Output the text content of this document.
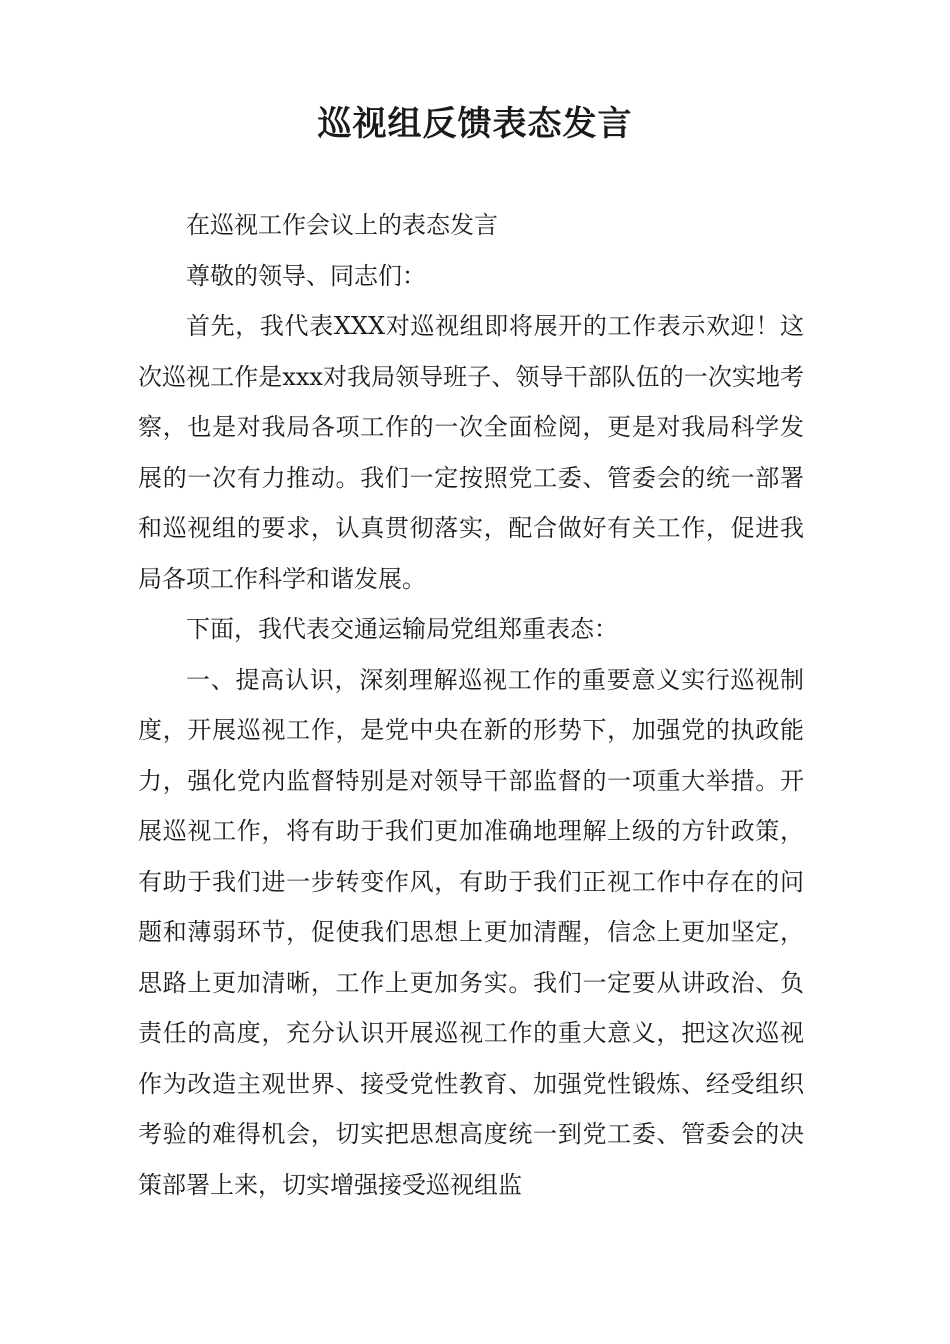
巡视组反馈表态发言

在巡视工作会议上的表态发言

尊敬的领导、同志们：

首先，我代表XXX对巡视组即将展开的工作表示欢迎！这次巡视工作是xxx对我局领导班子、领导干部队伍的一次实地考察，也是对我局各项工作的一次全面检阅，更是对我局科学发展的一次有力推动。我们一定按照党工委、管委会的统一部署和巡视组的要求，认真贯彻落实，配合做好有关工作，促进我局各项工作科学和谐发展。

下面，我代表交通运输局党组郑重表态：

一、提高认识，深刻理解巡视工作的重要意义实行巡视制度，开展巡视工作，是党中央在新的形势下，加强党的执政能力，强化党内监督特别是对领导干部监督的一项重大举措。开展巡视工作，将有助于我们更加准确地理解上级的方针政策，有助于我们进一步转变作风，有助于我们正视工作中存在的问题和薄弱环节，促使我们思想上更加清醒，信念上更加坚定，思路上更加清晰，工作上更加务实。我们一定要从讲政治、负责任的高度，充分认识开展巡视工作的重大意义，把这次巡视作为改造主观世界、接受党性教育、加强党性锻炼、经受组织考验的难得机会，切实把思想高度统一到党工委、管委会的决策部署上来，切实增强接受巡视组监
